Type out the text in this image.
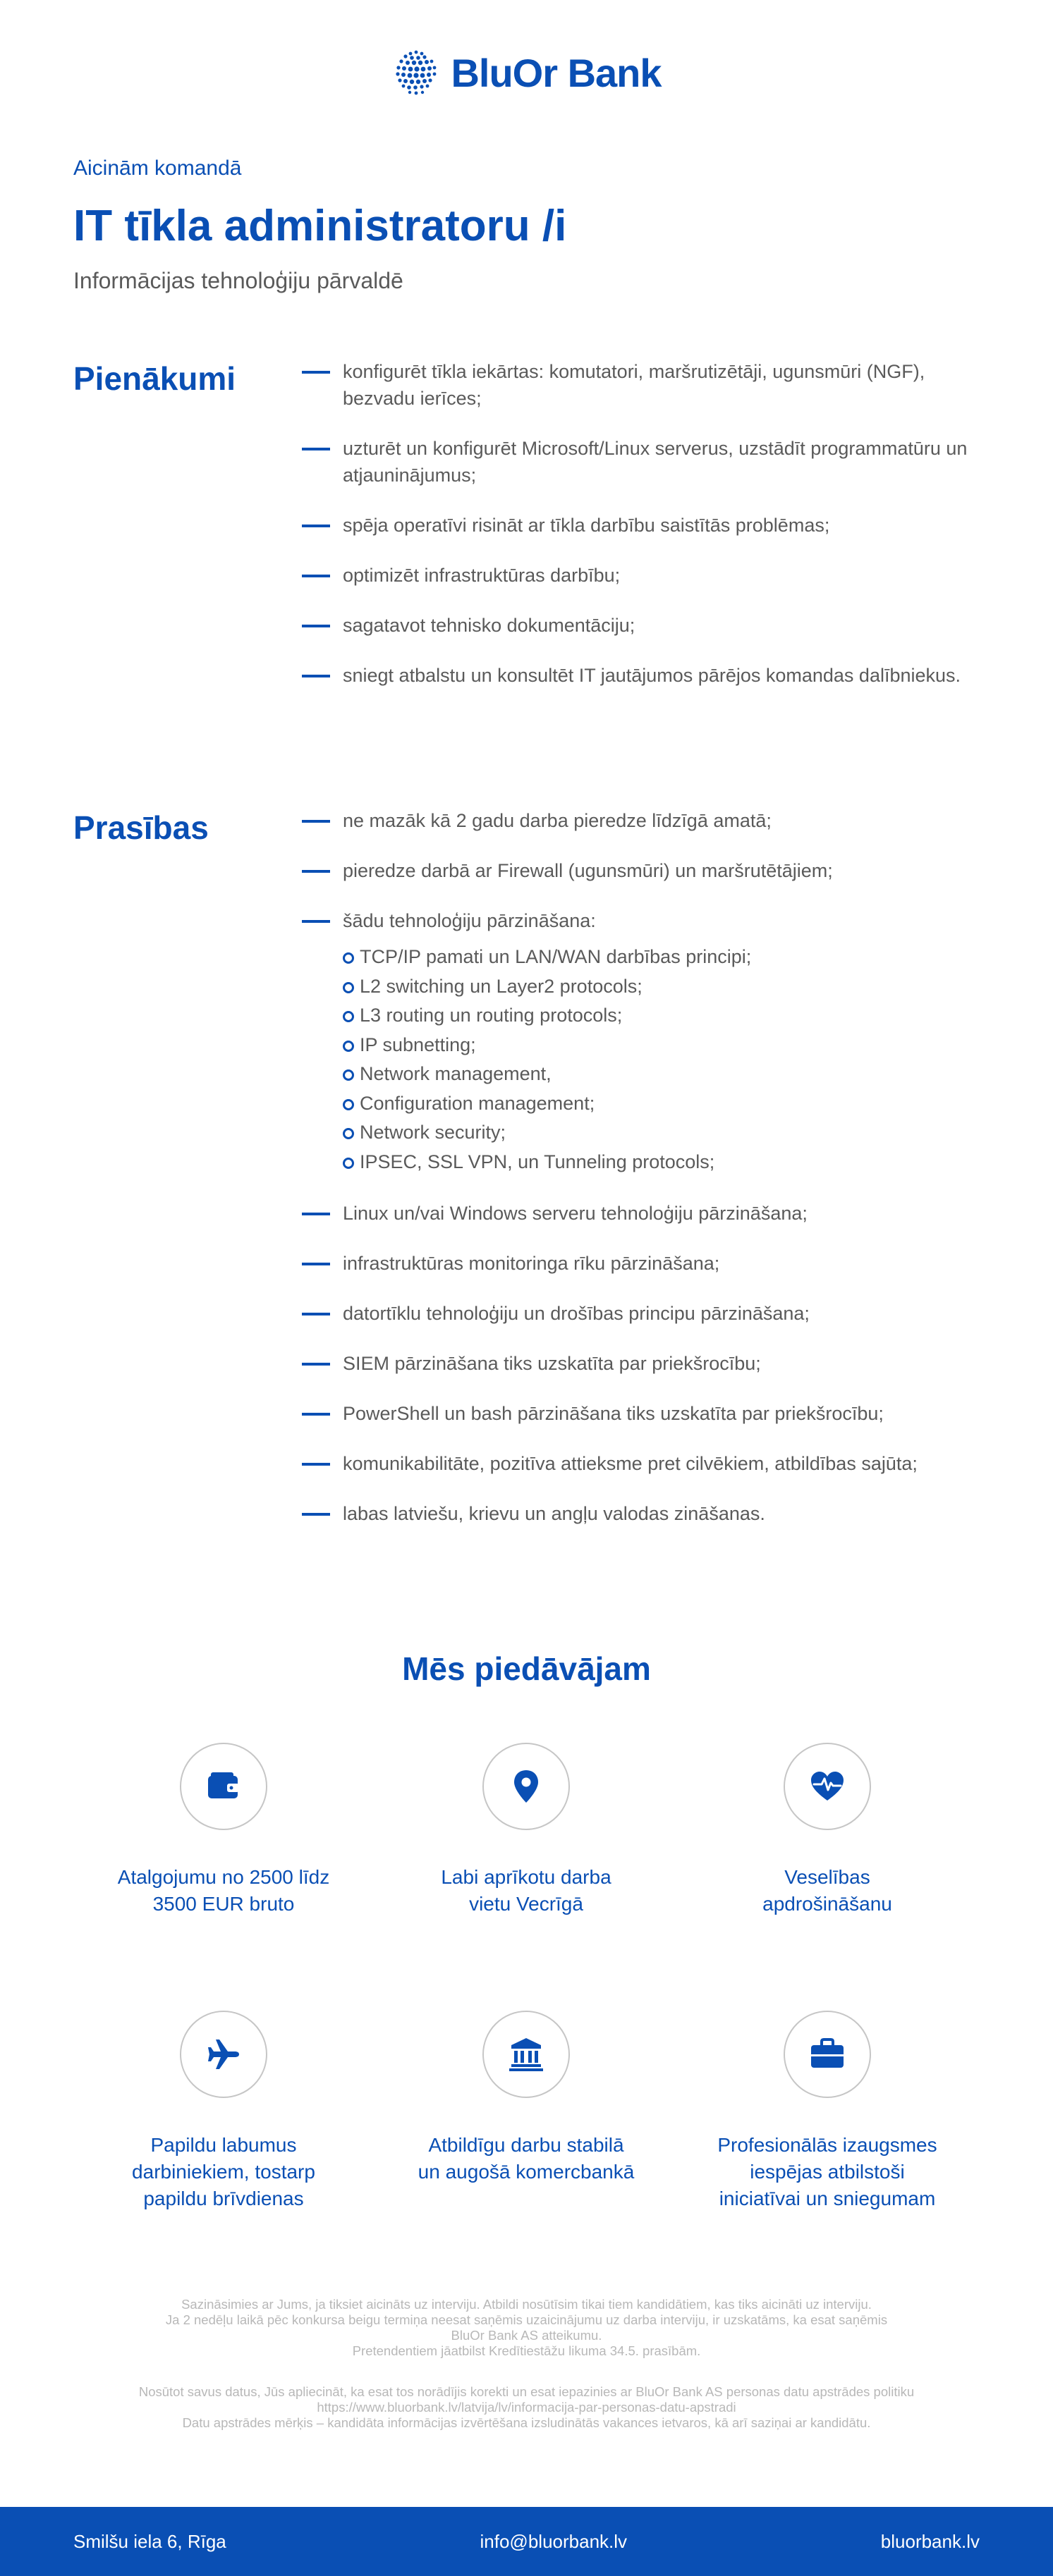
BluOr Bank
Aicinām komandā
IT tīkla administratoru /i
Informācijas tehnoloģiju pārvaldē
Pienākumi	konfigurēt tīkla iekārtas: komutatori, maršrutizētāji, ugunsmūri (NGF), bezvadu ierīces;
uzturēt un konfigurēt Microsoft/Linux serverus, uzstādīt programmatūru un atjauninājumus;
spēja operatīvi risināt ar tīkla darbību saistītās problēmas;
optimizēt infrastruktūras darbību;
sagatavot tehnisko dokumentāciju;
sniegt atbalstu un konsultēt IT jautājumos pārējos komandas dalībniekus.
Prasības	ne mazāk kā 2 gadu darba pieredze līdzīgā amatā;
pieredze darbā ar Firewall (ugunsmūri) un maršrutētājiem;
šādu tehnoloģiju pārzināšana:
TCP/IP pamati un LAN/WAN darbības principi;
L2 switching un Layer2 protocols;
L3 routing un routing protocols;
IP subnetting;
Network management,
Configuration management;
Network security;
IPSEC, SSL VPN, un Tunneling protocols;
Linux un/vai Windows serveru tehnoloģiju pārzināšana;
infrastruktūras monitoringa rīku pārzināšana;
datortīklu tehnoloģiju un drošības principu pārzināšana;
SIEM pārzināšana tiks uzskatīta par priekšrocību;
PowerShell un bash pārzināšana tiks uzskatīta par priekšrocību;
komunikabilitāte, pozitīva attieksme pret cilvēkiem, atbildības sajūta;
labas latviešu, krievu un angļu valodas zināšanas.
Mēs piedāvājam
Atalgojumu no 2500 līdz
3500 EUR bruto
Labi aprīkotu darba
vietu Vecrīgā
Veselības
apdrošināšanu
Papildu labumus
darbiniekiem, tostarp
papildu brīvdienas
Atbildīgu darbu stabilā
un augošā komercbankā
Profesionālās izaugsmes
iespējas atbilstoši
iniciatīvai un sniegumam
Sazināsimies ar Jums, ja tiksiet aicināts uz interviju. Atbildi nosūtīsim tikai tiem kandidātiem, kas tiks aicināti uz interviju.
Ja 2 nedēļu laikā pēc konkursa beigu termiņa neesat saņēmis uzaicinājumu uz darba interviju, ir uzskatāms, ka esat saņēmis
BluOr Bank AS atteikumu.
Pretendentiem jāatbilst Kredītiestāžu likuma 34.5. prasībām.
Nosūtot savus datus, Jūs apliecināt, ka esat tos norādījis korekti un esat iepazinies ar BluOr Bank AS personas datu apstrādes politiku
https://www.bluorbank.lv/latvija/lv/informacija-par-personas-datu-apstradi
Datu apstrādes mērķis – kandidāta informācijas izvērtēšana izsludinātās vakances ietvaros, kā arī saziņai ar kandidātu.
Smilšu iela 6, Rīga	info@bluorbank.lv	bluorbank.lv
